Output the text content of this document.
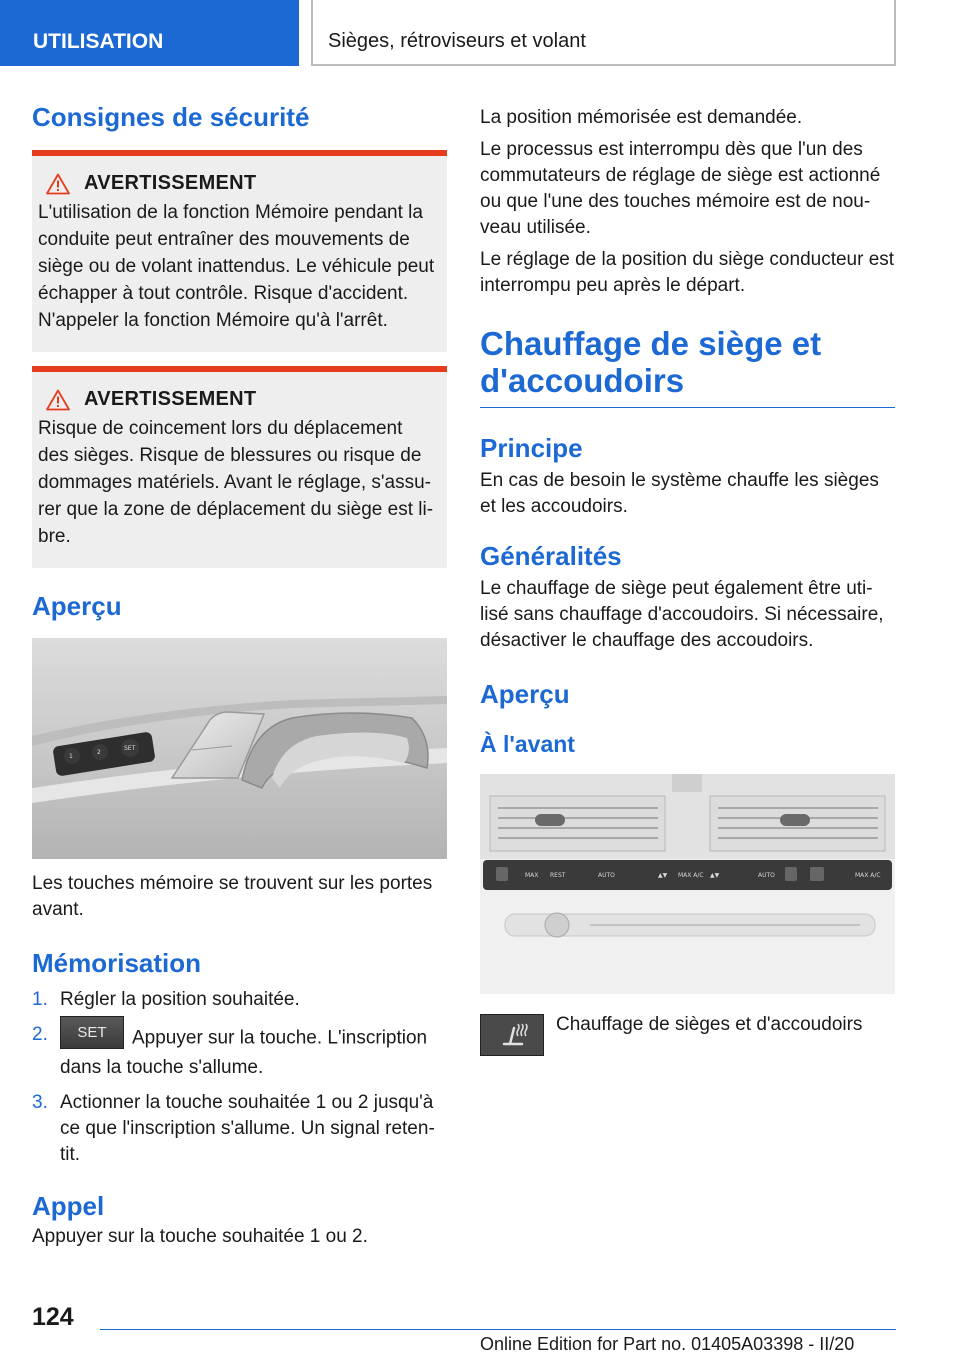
UTILISATION	Sièges, rétroviseurs et volant
Consignes de sécurité
AVERTISSEMENT
L'utilisation de la fonction Mémoire pendant la conduite peut entraîner des mouvements de siège ou de volant inattendus. Le véhicule peut échapper à tout contrôle. Risque d'accident. N'appeler la fonction Mémoire qu'à l'arrêt.
AVERTISSEMENT
Risque de coincement lors du déplacement des sièges. Risque de blessures ou risque de dommages matériels. Avant le réglage, s'assu-rer que la zone de déplacement du siège est li-bre.
Aperçu
1
2
SET
Les touches mémoire se trouvent sur les portes avant.
Mémorisation
1. Régler la position souhaitée.
2.	SET Appuyer sur la touche. L'inscription dans la touche s'allume.
3. Actionner la touche souhaitée 1 ou 2 jusqu'à ce que l'inscription s'allume. Un signal reten-tit.
Appel
Appuyer sur la touche souhaitée 1 ou 2.
La position mémorisée est demandée.
Le processus est interrompu dès que l'un des commutateurs de réglage de siège est actionné ou que l'une des touches mémoire est de nou-veau utilisée.
Le réglage de la position du siège conducteur est interrompu peu après le départ.
Chauffage de siège et d'accoudoirs
Principe
En cas de besoin le système chauffe les sièges et les accoudoirs.
Généralités
Le chauffage de siège peut également être uti-lisé sans chauffage d'accoudoirs. Si nécessaire, désactiver le chauffage des accoudoirs.
Aperçu
À l'avant
MAX REST	AUTO	▲▼ MAX A/C ▲▼	AUTO	MAX A/C
Chauffage de sièges et d'accoudoirs
124
Online Edition for Part no. 01405A03398 - II/20
